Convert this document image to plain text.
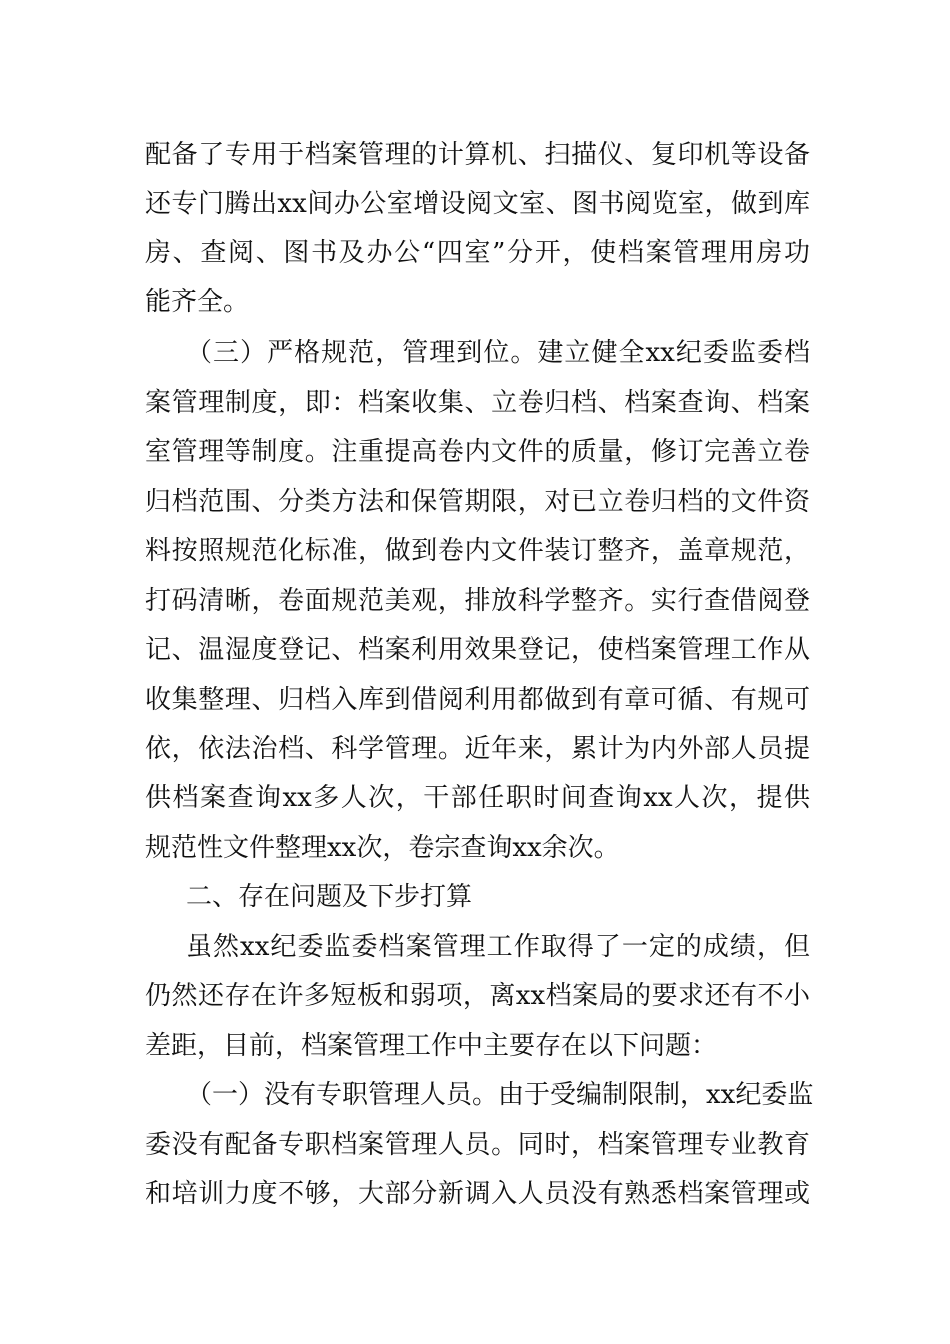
配备了专用于档案管理的计算机、扫描仪、复印机等设备
还专门腾出xx间办公室增设阅文室、图书阅览室，做到库
房、查阅、图书及办公“四室”分开，使档案管理用房功
能齐全。
（三）严格规范，管理到位。建立健全xx纪委监委档
案管理制度，即：档案收集、立卷归档、档案查询、档案
室管理等制度。注重提高卷内文件的质量，修订完善立卷
归档范围、分类方法和保管期限，对已立卷归档的文件资
料按照规范化标准，做到卷内文件装订整齐，盖章规范，
打码清晰，卷面规范美观，排放科学整齐。实行查借阅登
记、温湿度登记、档案利用效果登记，使档案管理工作从
收集整理、归档入库到借阅利用都做到有章可循、有规可
依，依法治档、科学管理。近年来，累计为内外部人员提
供档案查询xx多人次，干部任职时间查询xx人次，提供
规范性文件整理xx次，卷宗查询xx余次。
二、存在问题及下步打算
虽然xx纪委监委档案管理工作取得了一定的成绩，但
仍然还存在许多短板和弱项，离xx档案局的要求还有不小
差距，目前，档案管理工作中主要存在以下问题：
（一）没有专职管理人员。由于受编制限制，xx纪委监
委没有配备专职档案管理人员。同时，档案管理专业教育
和培训力度不够，大部分新调入人员没有熟悉档案管理或
